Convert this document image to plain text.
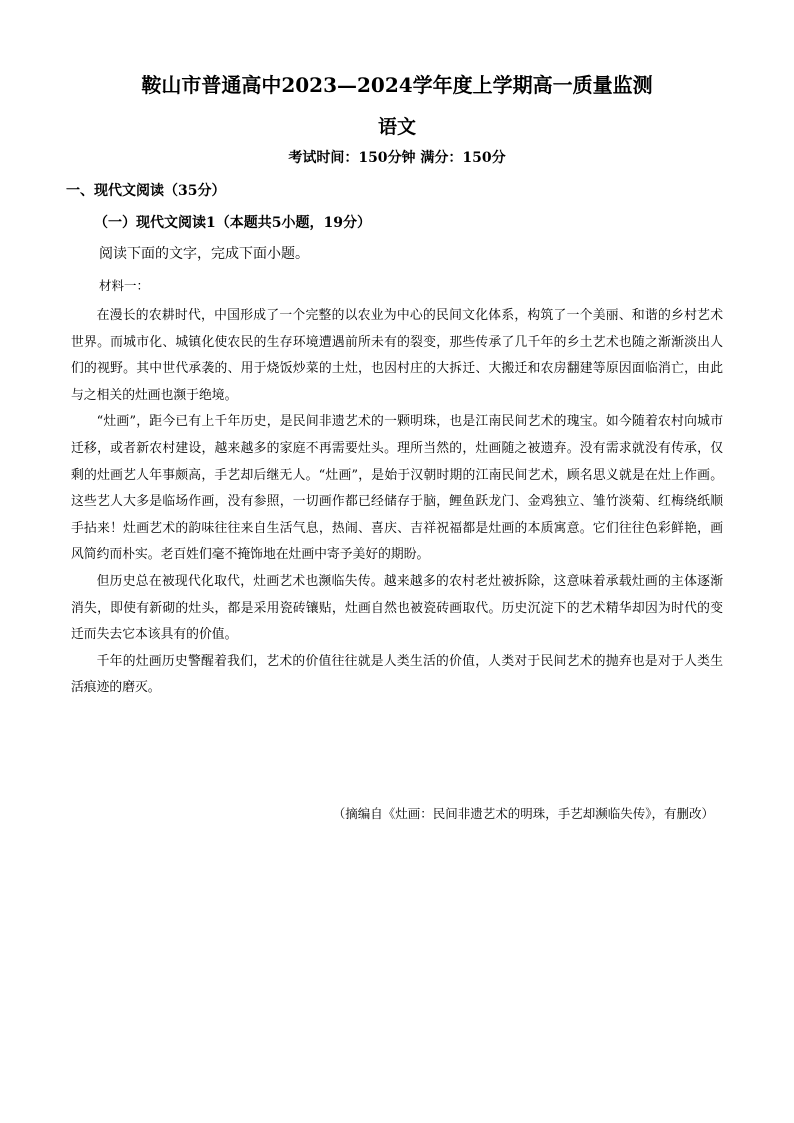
鞍山市普通高中2023—2024学年度上学期高一质量监测
语文
考试时间：150分钟 满分：150分
一、现代文阅读（35分）
（一）现代文阅读1（本题共5小题，19分）
阅读下面的文字，完成下面小题。
材料一：

在漫长的农耕时代，中国形成了一个完整的以农业为中心的民间文化体系，构筑了一个美丽、和谐的乡村艺术世界。而城市化、城镇化使农民的生存环境遭遇前所未有的裂变，那些传承了几千年的乡土艺术也随之渐渐淡出人们的视野。其中世代承袭的、用于烧饭炒菜的土灶，也因村庄的大拆迁、大搬迁和农房翻建等原因面临消亡，由此与之相关的灶画也濒于绝境。

“灶画”，距今已有上千年历史，是民间非遗艺术的一颗明珠，也是江南民间艺术的瑰宝。如今随着农村向城市迁移，或者新农村建设，越来越多的家庭不再需要灶头。理所当然的，灶画随之被遗弃。没有需求就没有传承，仅剩的灶画艺人年事颇高，手艺却后继无人。“灶画”，是始于汉朝时期的江南民间艺术，顾名思义就是在灶上作画。这些艺人大多是临场作画，没有参照，一切画作都已经储存于脑，鲤鱼跃龙门、金鸡独立、雏竹淡菊、红梅绕纸顺手拈来！灶画艺术的韵味往往来自生活气息，热闹、喜庆、吉祥祝福都是灶画的本质寓意。它们往往色彩鲜艳，画风简约而朴实。老百姓们毫不掩饰地在灶画中寄予美好的期盼。

但历史总在被现代化取代，灶画艺术也濒临失传。越来越多的农村老灶被拆除，这意味着承载灶画的主体逐渐消失，即使有新砌的灶头，都是采用瓷砖镶贴，灶画自然也被瓷砖画取代。历史沉淀下的艺术精华却因为时代的变迁而失去它本该具有的价值。

千年的灶画历史警醒着我们，艺术的价值往往就是人类生活的价值，人类对于民间艺术的抛弃也是对于人类生活痕迹的磨灭。

（摘编自《灶画：民间非遗艺术的明珠，手艺却濒临失传》，有删改）
